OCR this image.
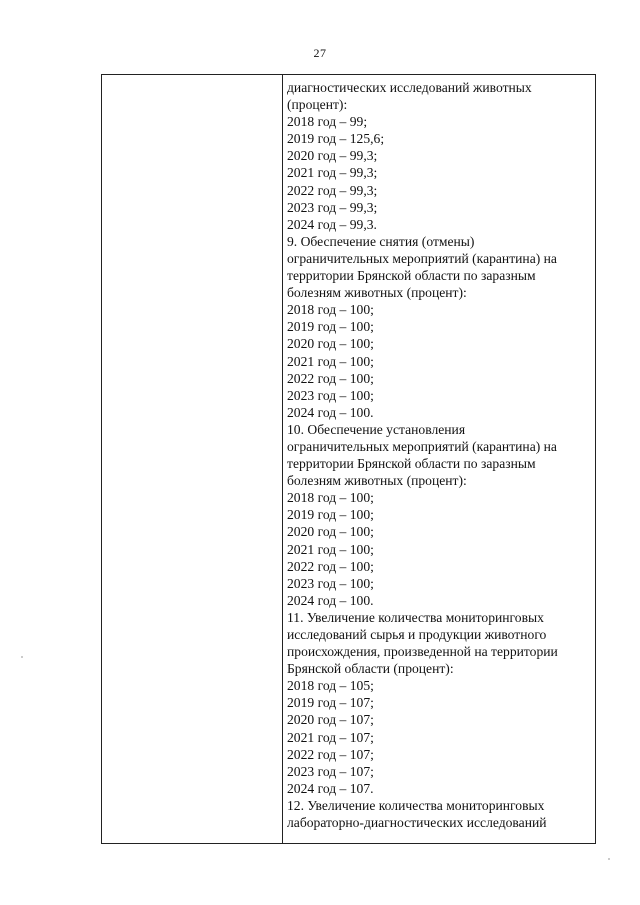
27
диагностических исследований животных
(процент):
2018 год – 99;
2019 год – 125,6;
2020 год – 99,3;
2021 год – 99,3;
2022 год – 99,3;
2023 год – 99,3;
2024 год – 99,3.
9. Обеспечение снятия (отмены)
ограничительных мероприятий (карантина) на
территории Брянской области по заразным
болезням животных (процент):
2018 год – 100;
2019 год – 100;
2020 год – 100;
2021 год – 100;
2022 год – 100;
2023 год – 100;
2024 год – 100.
10. Обеспечение установления
ограничительных мероприятий (карантина) на
территории Брянской области по заразным
болезням животных (процент):
2018 год – 100;
2019 год – 100;
2020 год – 100;
2021 год – 100;
2022 год – 100;
2023 год – 100;
2024 год – 100.
11. Увеличение количества мониторинговых
исследований сырья и продукции животного
происхождения, произведенной на территории
Брянской области (процент):
2018 год – 105;
2019 год – 107;
2020 год – 107;
2021 год – 107;
2022 год – 107;
2023 год – 107;
2024 год – 107.
12. Увеличение количества мониторинговых
лабораторно-диагностических исследований
